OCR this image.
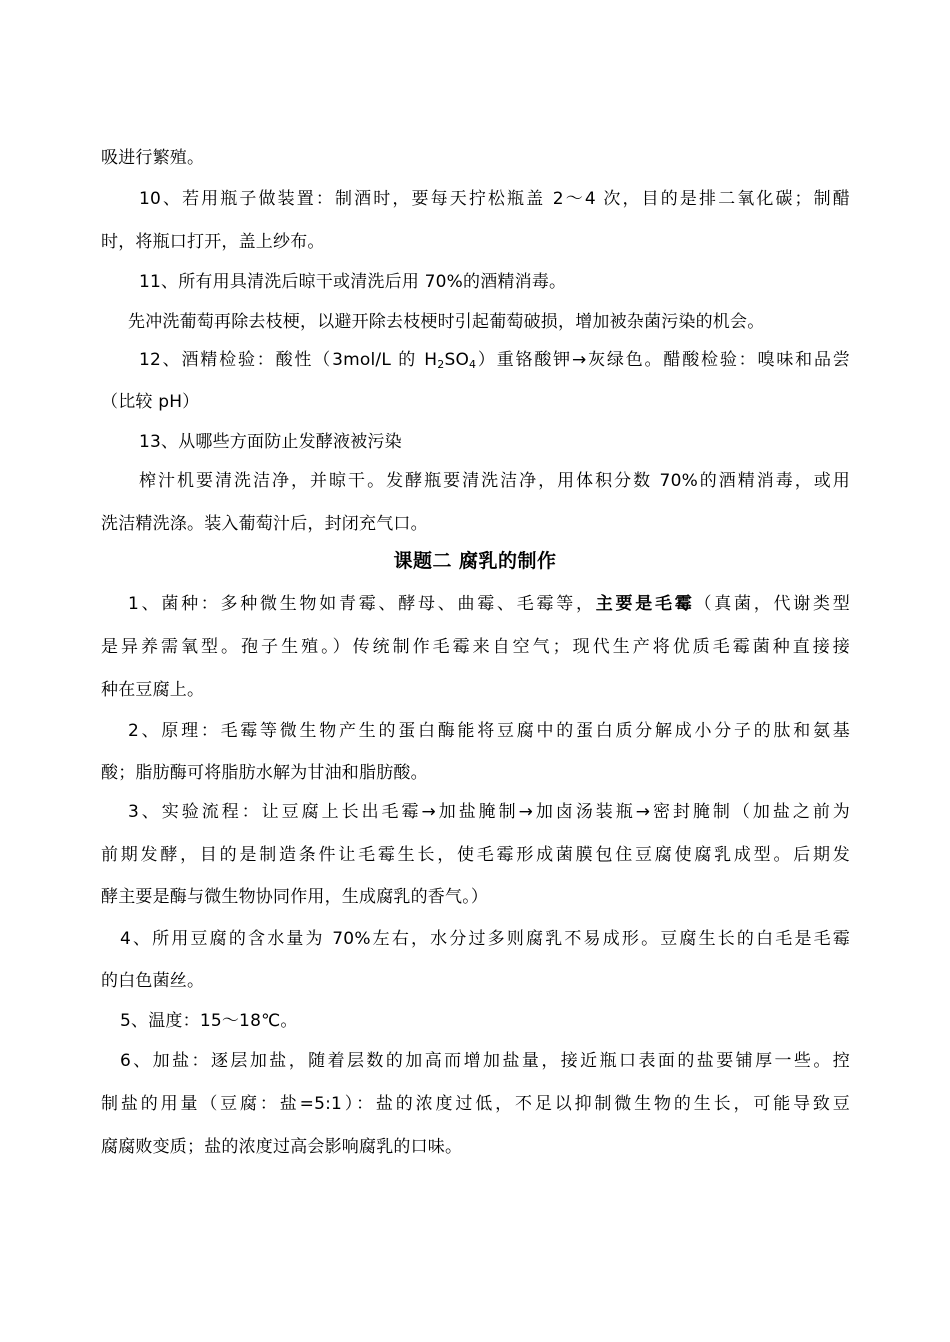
吸进行繁殖。
10、若用瓶子做装置：制酒时，要每天拧松瓶盖 2～4 次，目的是排二氧化碳；制醋
时，将瓶口打开，盖上纱布。
11、所有用具清洗后晾干或清洗后用 70%的酒精消毒。
先冲洗葡萄再除去枝梗，以避开除去枝梗时引起葡萄破损，增加被杂菌污染的机会。
12、酒精检验：酸性（3mol/L 的 $H_2SO_4$）重铬酸钾→灰绿色。醋酸检验：嗅味和品尝
（比较 pH）
13、从哪些方面防止发酵液被污染
榨汁机要清洗洁净，并晾干。发酵瓶要清洗洁净，用体积分数 70%的酒精消毒，或用
洗洁精洗涤。装入葡萄汁后，封闭充气口。
课题二 腐乳的制作
1、菌种：多种微生物如青霉、酵母、曲霉、毛霉等，主要是毛霉（真菌，代谢类型
是异养需氧型。孢子生殖。）传统制作毛霉来自空气；现代生产将优质毛霉菌种直接接
种在豆腐上。
2、原理：毛霉等微生物产生的蛋白酶能将豆腐中的蛋白质分解成小分子的肽和氨基
酸；脂肪酶可将脂肪水解为甘油和脂肪酸。
3、实验流程：让豆腐上长出毛霉→加盐腌制→加卤汤装瓶→密封腌制（加盐之前为
前期发酵，目的是制造条件让毛霉生长，使毛霉形成菌膜包住豆腐使腐乳成型。后期发
酵主要是酶与微生物协同作用，生成腐乳的香气。）
4、所用豆腐的含水量为 70%左右，水分过多则腐乳不易成形。豆腐生长的白毛是毛霉
的白色菌丝。
5、温度：15～18℃。
6、加盐：逐层加盐，随着层数的加高而增加盐量，接近瓶口表面的盐要铺厚一些。控
制盐的用量（豆腐：盐=5:1）：盐的浓度过低，不足以抑制微生物的生长，可能导致豆
腐腐败变质；盐的浓度过高会影响腐乳的口味。
